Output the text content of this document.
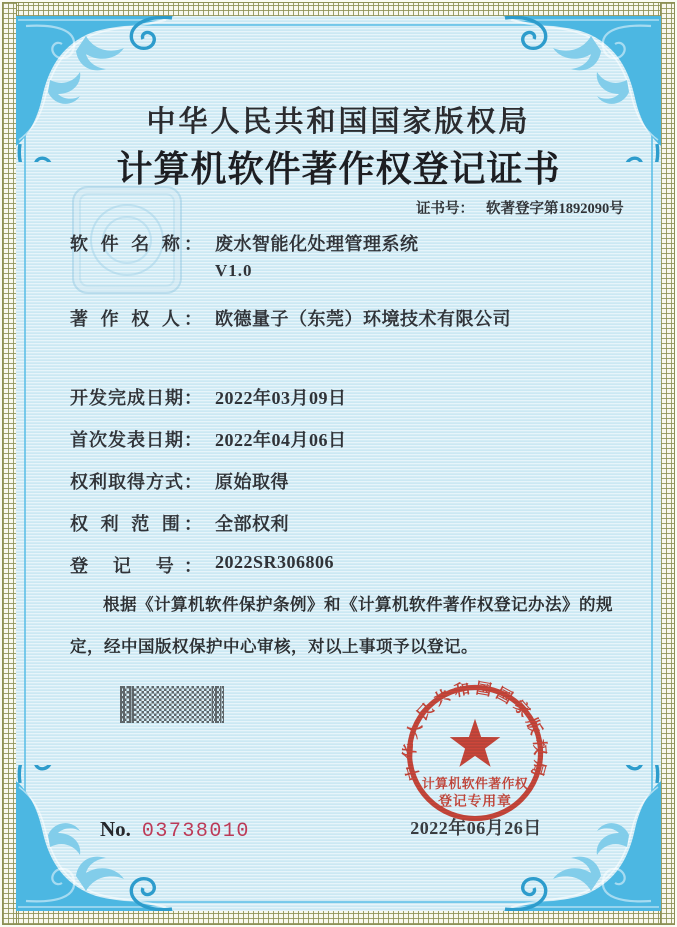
中华人民共和国国家版权局
计算机软件著作权登记证书
证书号： 软著登字第1892090号
软 件 名 称： 废水智能化处理管理系统
V1.0
著 作 权 人： 欧德量子（东莞）环境技术有限公司
开发完成日期： 2022年03月09日
首次发表日期： 2022年04月06日
权利取得方式： 原始取得
权 利 范 围： 全部权利
登 记 号： 2022SR306806

根据《计算机软件保护条例》和《计算机软件著作权登记办法》的规定，经中国版权保护中心审核，对以上事项予以登记。

中华人民共和国国家版权局
计算机软件著作权
登记专用章
2022年06月26日
No. 03738010
